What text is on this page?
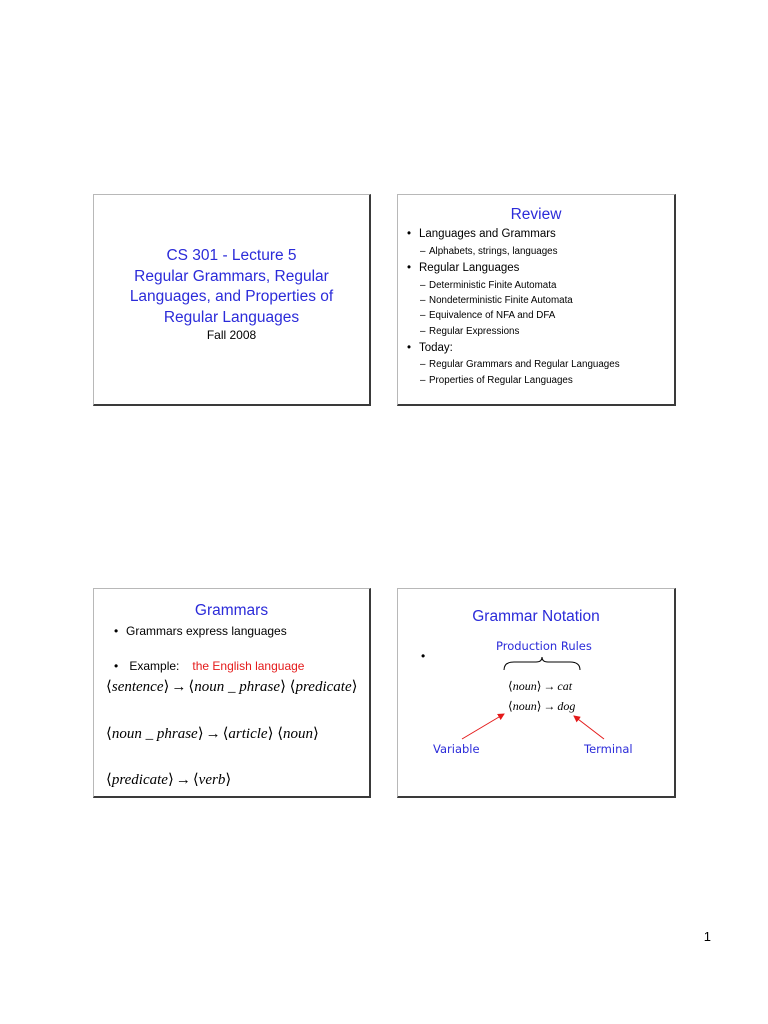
CS 301 - Lecture 5
Regular Grammars, Regular
Languages, and Properties of
Regular Languages
Fall 2008
Review
• Languages and Grammars
– Alphabets, strings, languages
• Regular Languages
– Deterministic Finite Automata
– Nondeterministic Finite Automata
– Equivalence of NFA and DFA
– Regular Expressions
• Today:
– Regular Grammars and Regular Languages
– Properties of Regular Languages
Grammars
• Grammars express languages
• Example: the English language
⟨sentence⟩ → ⟨noun _ phrase⟩ ⟨predicate⟩
⟨noun _ phrase⟩ → ⟨article⟩ ⟨noun⟩
⟨predicate⟩ → ⟨verb⟩
Grammar Notation
•
Production Rules
⟨noun⟩ → cat
⟨noun⟩ → dog
Variable	Terminal
1
